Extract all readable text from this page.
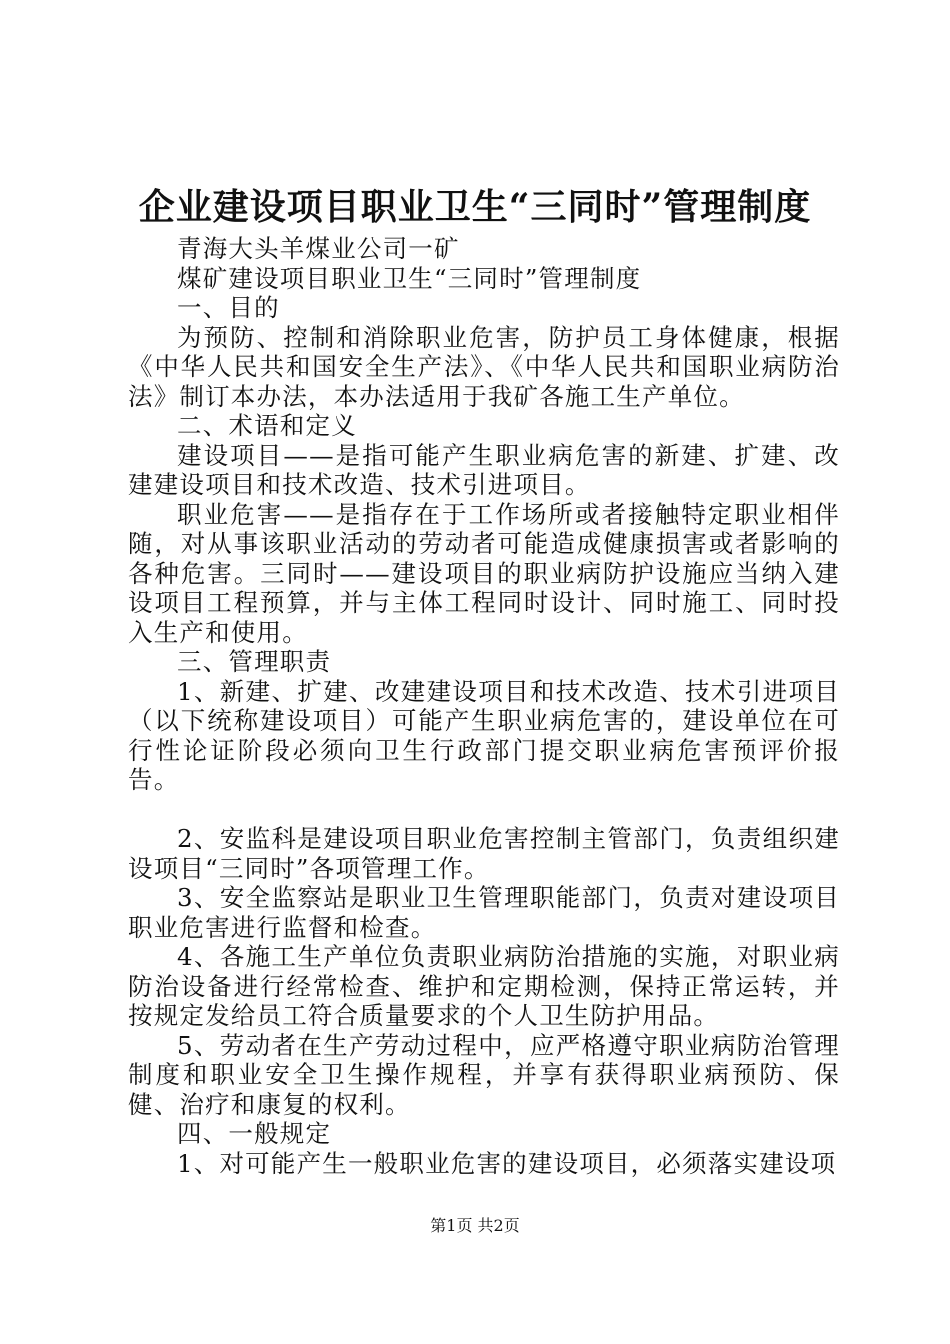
企业建设项目职业卫生“三同时”管理制度

青海大头羊煤业公司一矿

煤矿建设项目职业卫生“三同时”管理制度

一、目的

为预防、控制和消除职业危害，防护员工身体健康，根据《中华人民共和国安全生产法》、《中华人民共和国职业病防治法》制订本办法，本办法适用于我矿各施工生产单位。

二、术语和定义

建设项目——是指可能产生职业病危害的新建、扩建、改建建设项目和技术改造、技术引进项目。

职业危害——是指存在于工作场所或者接触特定职业相伴随，对从事该职业活动的劳动者可能造成健康损害或者影响的各种危害。三同时——建设项目的职业病防护设施应当纳入建设项目工程预算，并与主体工程同时设计、同时施工、同时投入生产和使用。

三、管理职责

1、新建、扩建、改建建设项目和技术改造、技术引进项目（以下统称建设项目）可能产生职业病危害的，建设单位在可行性论证阶段必须向卫生行政部门提交职业病危害预评价报告。

2、安监科是建设项目职业危害控制主管部门，负责组织建设项目“三同时”各项管理工作。

3、安全监察站是职业卫生管理职能部门，负责对建设项目职业危害进行监督和检查。

4、各施工生产单位负责职业病防治措施的实施，对职业病防治设备进行经常检查、维护和定期检测，保持正常运转，并按规定发给员工符合质量要求的个人卫生防护用品。

5、劳动者在生产劳动过程中，应严格遵守职业病防治管理制度和职业安全卫生操作规程，并享有获得职业病预防、保健、治疗和康复的权利。

四、一般规定

1、对可能产生一般职业危害的建设项目，必须落实建设项

第1页 共2页
